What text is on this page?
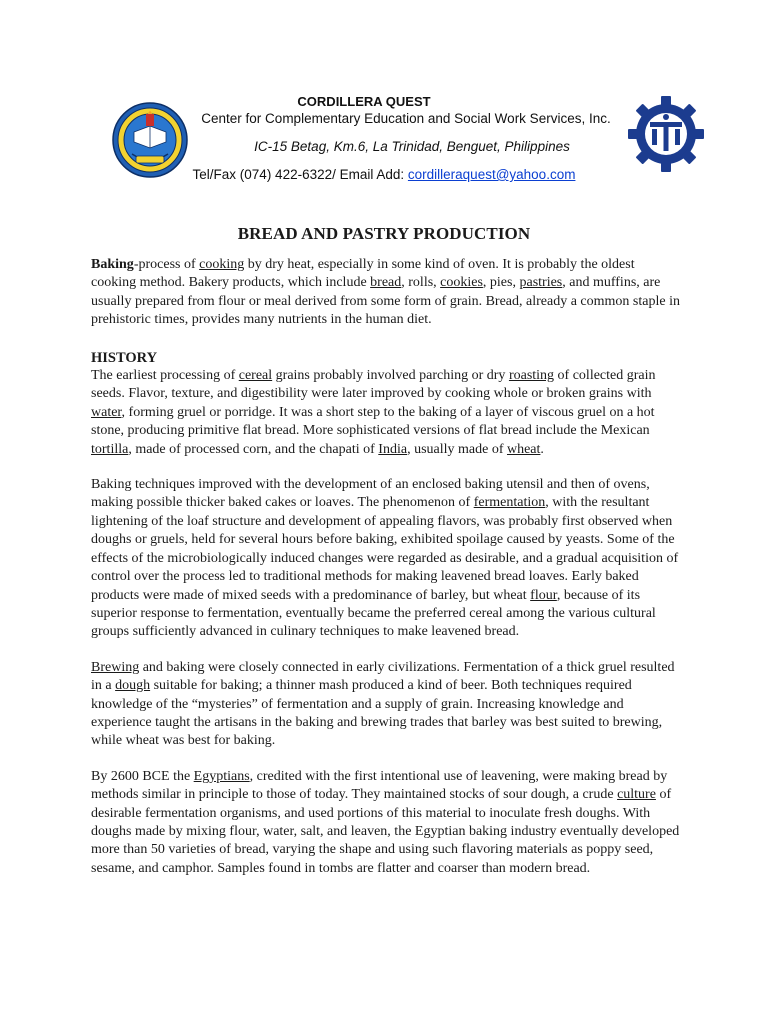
CORDILLERA QUEST
Center for Complementary Education and Social Work Services, Inc.
IC-15 Betag, Km.6, La Trinidad, Benguet, Philippines
Tel/Fax (074) 422-6322/ Email Add: cordilleraquest@yahoo.com
BREAD AND PASTRY PRODUCTION

Baking-process of cooking by dry heat, especially in some kind of oven. It is probably the oldest cooking method. Bakery products, which include bread, rolls, cookies, pies, pastries, and muffins, are usually prepared from flour or meal derived from some form of grain. Bread, already a common staple in prehistoric times, provides many nutrients in the human diet.

HISTORY

The earliest processing of cereal grains probably involved parching or dry roasting of collected grain seeds. Flavor, texture, and digestibility were later improved by cooking whole or broken grains with water, forming gruel or porridge. It was a short step to the baking of a layer of viscous gruel on a hot stone, producing primitive flat bread. More sophisticated versions of flat bread include the Mexican tortilla, made of processed corn, and the chapati of India, usually made of wheat.

Baking techniques improved with the development of an enclosed baking utensil and then of ovens, making possible thicker baked cakes or loaves. The phenomenon of fermentation, with the resultant lightening of the loaf structure and development of appealing flavors, was probably first observed when doughs or gruels, held for several hours before baking, exhibited spoilage caused by yeasts. Some of the effects of the microbiologically induced changes were regarded as desirable, and a gradual acquisition of control over the process led to traditional methods for making leavened bread loaves. Early baked products were made of mixed seeds with a predominance of barley, but wheat flour, because of its superior response to fermentation, eventually became the preferred cereal among the various cultural groups sufficiently advanced in culinary techniques to make leavened bread.

Brewing and baking were closely connected in early civilizations. Fermentation of a thick gruel resulted in a dough suitable for baking; a thinner mash produced a kind of beer. Both techniques required knowledge of the “mysteries” of fermentation and a supply of grain. Increasing knowledge and experience taught the artisans in the baking and brewing trades that barley was best suited to brewing, while wheat was best for baking.

By 2600 BCE the Egyptians, credited with the first intentional use of leavening, were making bread by methods similar in principle to those of today. They maintained stocks of sour dough, a crude culture of desirable fermentation organisms, and used portions of this material to inoculate fresh doughs. With doughs made by mixing flour, water, salt, and leaven, the Egyptian baking industry eventually developed more than 50 varieties of bread, varying the shape and using such flavoring materials as poppy seed, sesame, and camphor. Samples found in tombs are flatter and coarser than modern bread.
